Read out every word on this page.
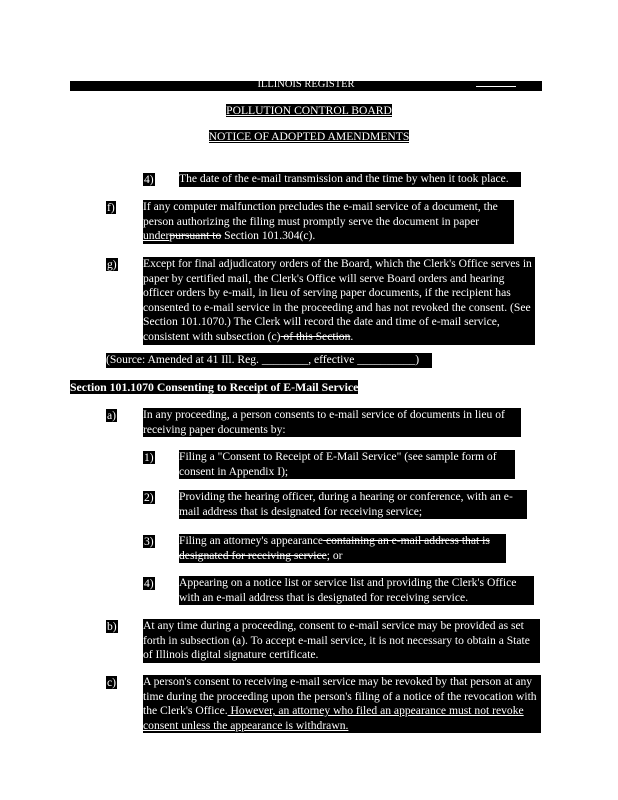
ILLINOIS REGISTER
POLLUTION CONTROL BOARD
NOTICE OF ADOPTED AMENDMENTS
4) The date of the e-mail transmission and the time by when it took place.

f) If any computer malfunction precludes the e-mail service of a document, the person authorizing the filing must promptly serve the document in paper underpursuant to Section 101.304(c).

g) Except for final adjudicatory orders of the Board, which the Clerk's Office serves in paper by certified mail, the Clerk's Office will serve Board orders and hearing officer orders by e-mail, in lieu of serving paper documents, if the recipient has consented to e-mail service in the proceeding and has not revoked the consent. (See Section 101.1070.) The Clerk will record the date and time of e-mail service, consistent with subsection (c) of this Section.

(Source: Amended at 41 Ill. Reg. ________, effective __________)

Section 101.1070 Consenting to Receipt of E-Mail Service
a) In any proceeding, a person consents to e-mail service of documents in lieu of receiving paper documents by:

1) Filing a "Consent to Receipt of E-Mail Service" (see sample form of consent in Appendix I);

2) Providing the hearing officer, during a hearing or conference, with an e-mail address that is designated for receiving service;

3) Filing an attorney's appearance containing an e-mail address that is designated for receiving service; or

4) Appearing on a notice list or service list and providing the Clerk's Office with an e-mail address that is designated for receiving service.

b) At any time during a proceeding, consent to e-mail service may be provided as set forth in subsection (a). To accept e-mail service, it is not necessary to obtain a State of Illinois digital signature certificate.

c) A person's consent to receiving e-mail service may be revoked by that person at any time during the proceeding upon the person's filing of a notice of the revocation with the Clerk's Office. However, an attorney who filed an appearance must not revoke consent unless the appearance is withdrawn.
